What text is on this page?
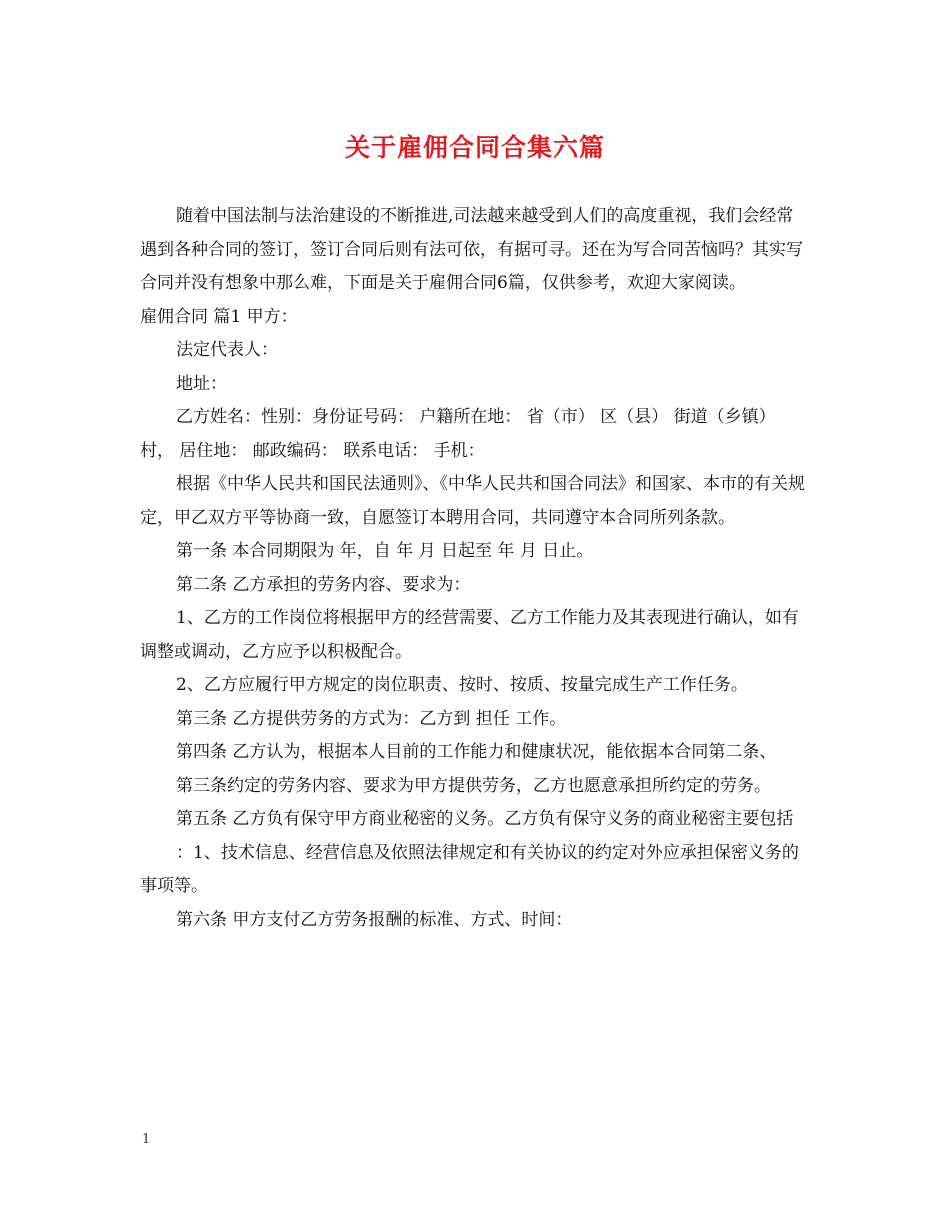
关于雇佣合同合集六篇

随着中国法制与法治建设的不断推进,司法越来越受到人们的高度重视，我们会经常遇到各种合同的签订，签订合同后则有法可依，有据可寻。还在为写合同苦恼吗？其实写合同并没有想象中那么难，下面是关于雇佣合同6篇，仅供参考，欢迎大家阅读。

雇佣合同 篇1 甲方：

法定代表人：

地址：

乙方姓名：性别：身份证号码： 户籍所在地： 省（市） 区（县） 街道（乡镇） 村， 居住地： 邮政编码： 联系电话： 手机：

根据《中华人民共和国民法通则》、《中华人民共和国合同法》和国家、本市的有关规定，甲乙双方平等协商一致，自愿签订本聘用合同，共同遵守本合同所列条款。

第一条 本合同期限为 年，自 年 月 日起至 年 月 日止。

第二条 乙方承担的劳务内容、要求为：

1、乙方的工作岗位将根据甲方的经营需要、乙方工作能力及其表现进行确认，如有调整或调动，乙方应予以积极配合。

2、乙方应履行甲方规定的岗位职责、按时、按质、按量完成生产工作任务。

第三条 乙方提供劳务的方式为：乙方到 担任 工作。

第四条 乙方认为，根据本人目前的工作能力和健康状况，能依据本合同第二条、

第三条约定的劳务内容、要求为甲方提供劳务，乙方也愿意承担所约定的劳务。

第五条 乙方负有保守甲方商业秘密的义务。乙方负有保守义务的商业秘密主要包括

：1、技术信息、经营信息及依照法律规定和有关协议的约定对外应承担保密义务的事项等。

第六条 甲方支付乙方劳务报酬的标准、方式、时间：

1
